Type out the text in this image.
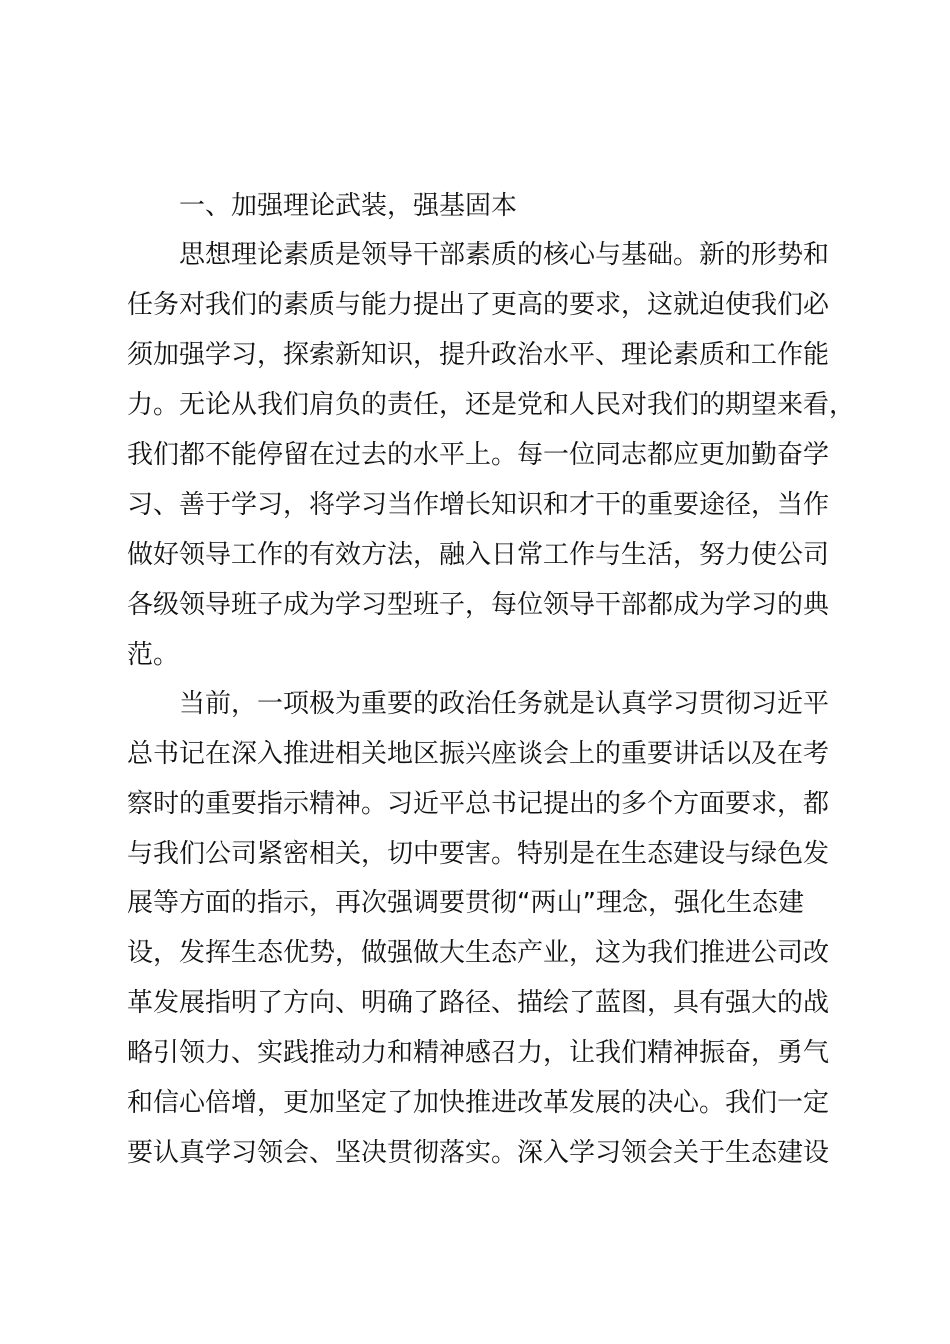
一、加强理论武装，强基固本
思想理论素质是领导干部素质的核心与基础。新的形势和
任务对我们的素质与能力提出了更高的要求，这就迫使我们必
须加强学习，探索新知识，提升政治水平、理论素质和工作能
力。无论从我们肩负的责任，还是党和人民对我们的期望来看，
我们都不能停留在过去的水平上。每一位同志都应更加勤奋学
习、善于学习，将学习当作增长知识和才干的重要途径，当作
做好领导工作的有效方法，融入日常工作与生活，努力使公司
各级领导班子成为学习型班子，每位领导干部都成为学习的典
范。
当前，一项极为重要的政治任务就是认真学习贯彻习近平
总书记在深入推进相关地区振兴座谈会上的重要讲话以及在考
察时的重要指示精神。习近平总书记提出的多个方面要求，都
与我们公司紧密相关，切中要害。特别是在生态建设与绿色发
展等方面的指示，再次强调要贯彻“两山”理念，强化生态建
设，发挥生态优势，做强做大生态产业，这为我们推进公司改
革发展指明了方向、明确了路径、描绘了蓝图，具有强大的战
略引领力、实践推动力和精神感召力，让我们精神振奋，勇气
和信心倍增，更加坚定了加快推进改革发展的决心。我们一定
要认真学习领会、坚决贯彻落实。深入学习领会关于生态建设
